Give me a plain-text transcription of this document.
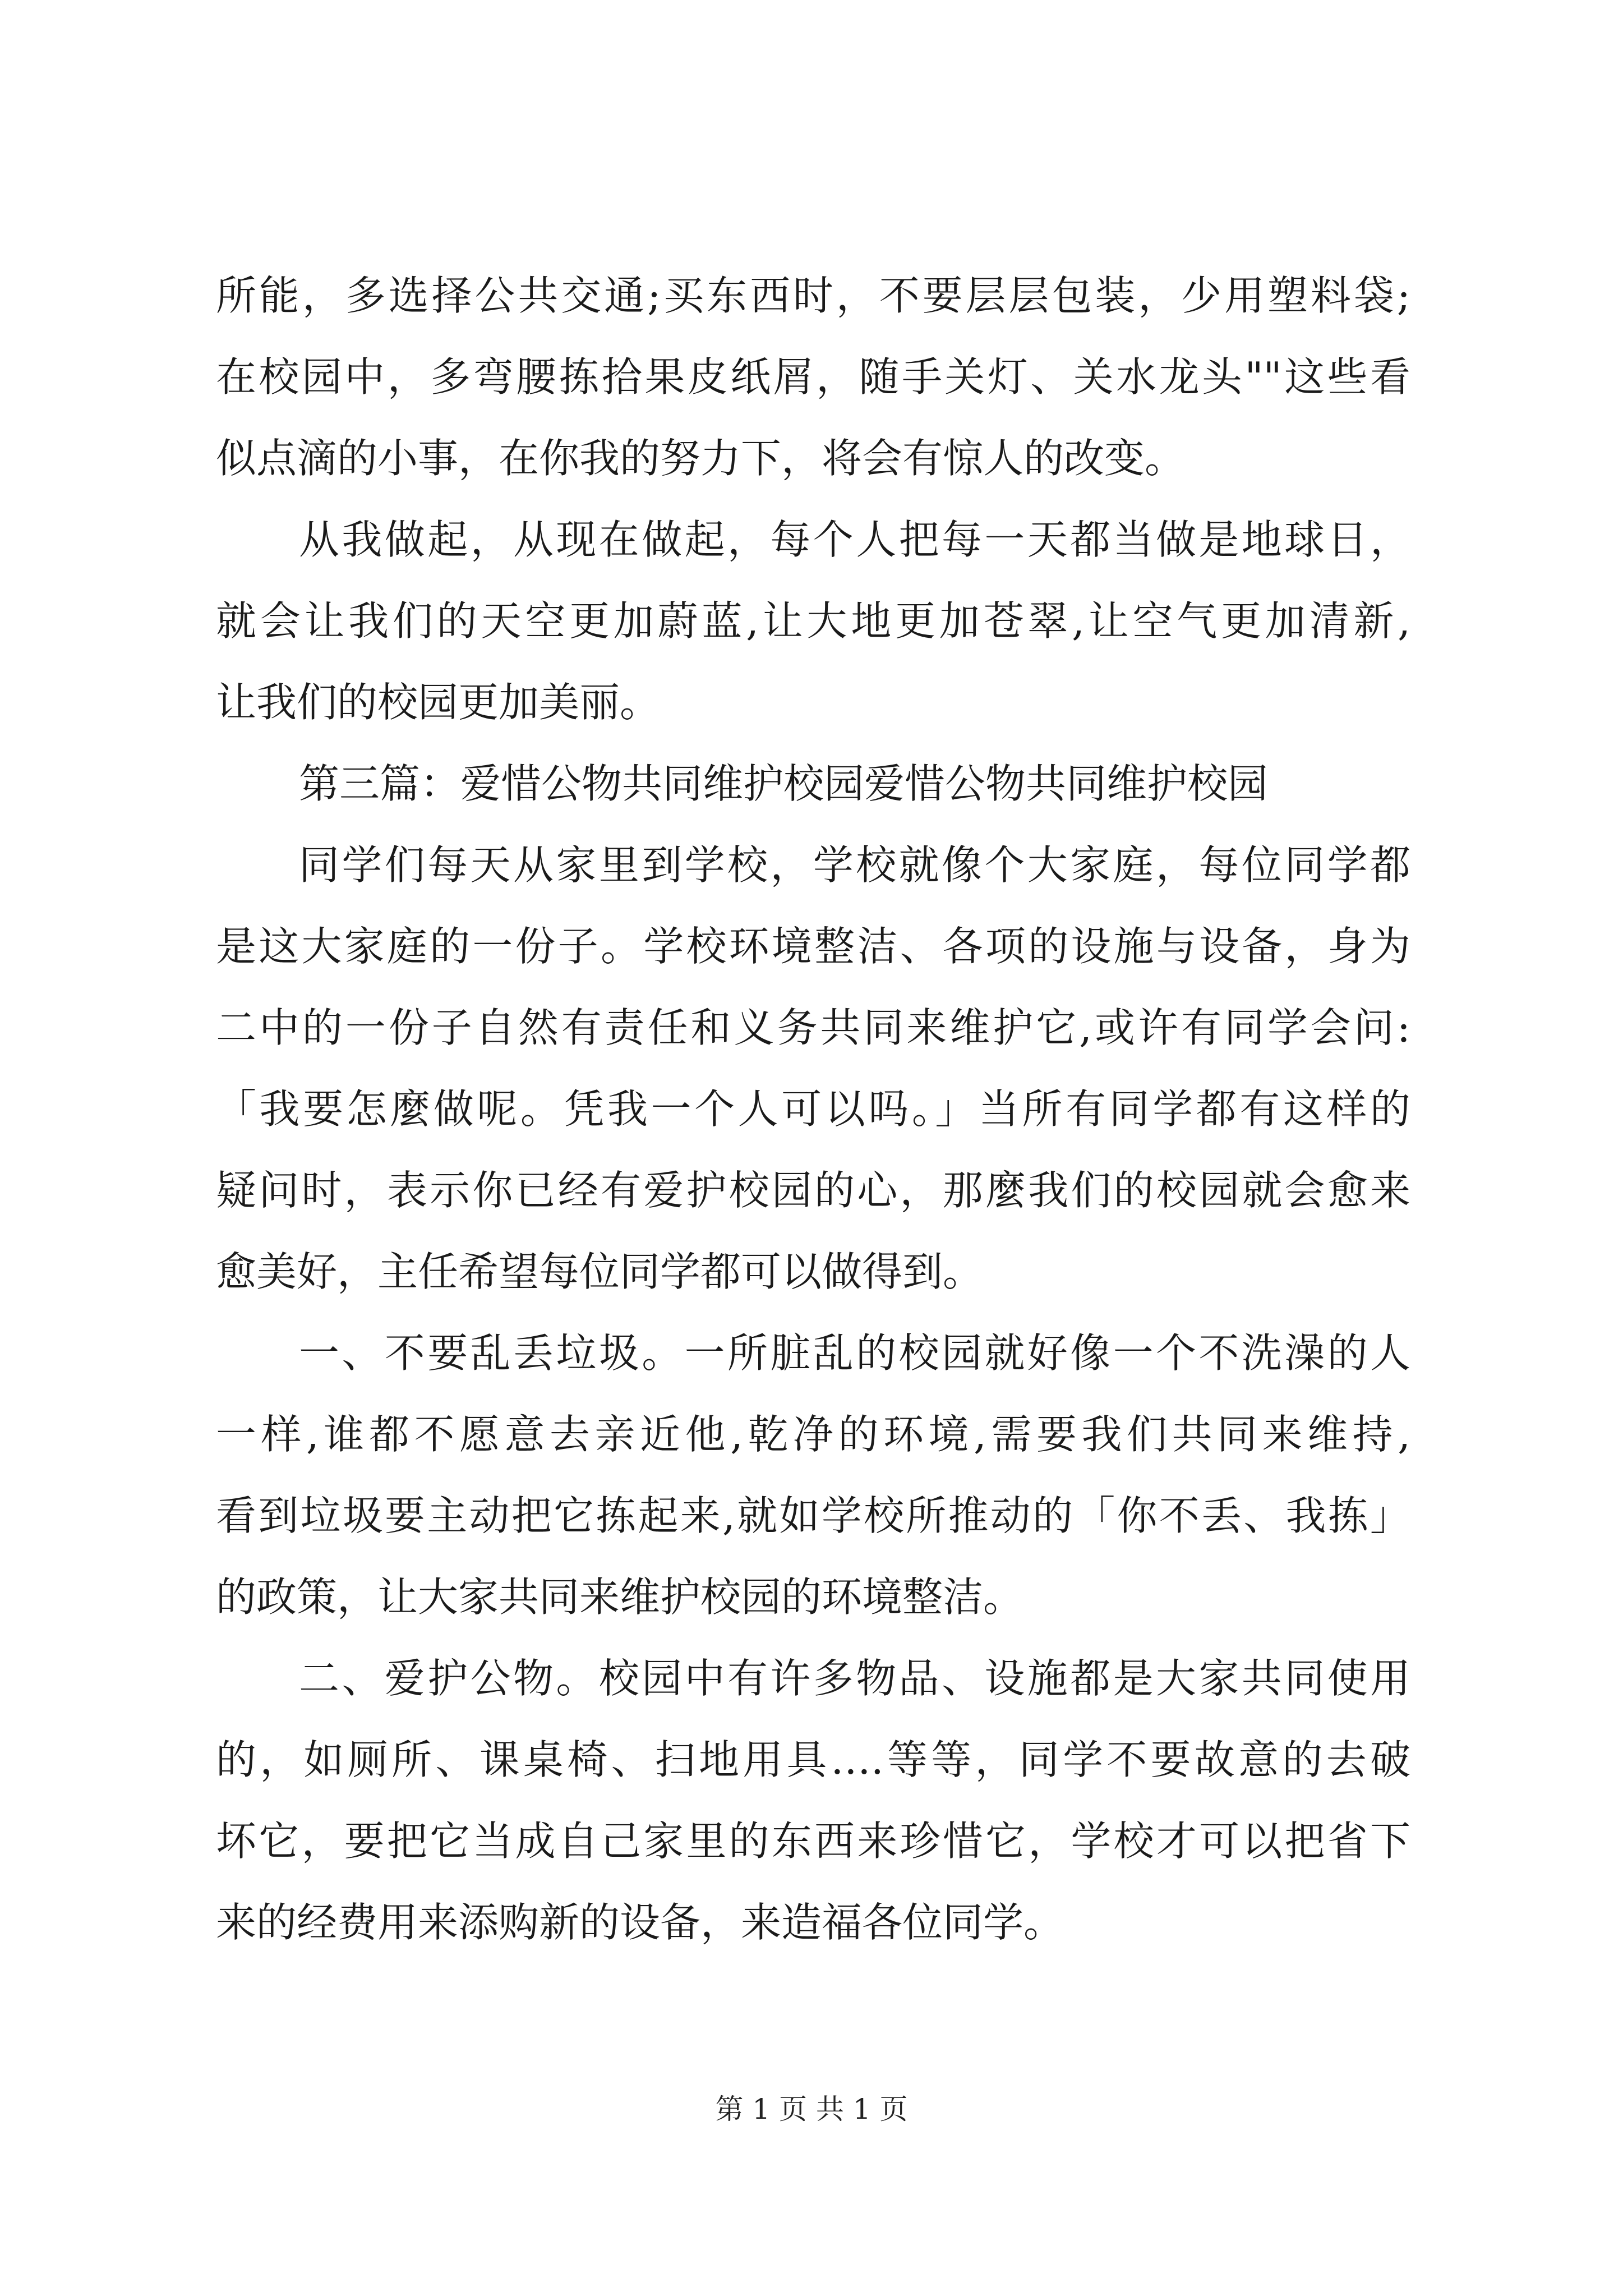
所能，多选择公共交通;买东西时，不要层层包装，少用塑料袋;
在校园中，多弯腰拣拾果皮纸屑，随手关灯、关水龙头""这些看
似点滴的小事，在你我的努力下，将会有惊人的改变。
从我做起，从现在做起，每个人把每一天都当做是地球日，
就会让我们的天空更加蔚蓝,让大地更加苍翠,让空气更加清新,
让我们的校园更加美丽。
第三篇：爱惜公物共同维护校园爱惜公物共同维护校园
同学们每天从家里到学校，学校就像个大家庭，每位同学都
是这大家庭的一份子。学校环境整洁、各项的设施与设备，身为
二中的一份子自然有责任和义务共同来维护它,或许有同学会问:
「我要怎麼做呢。凭我一个人可以吗。」当所有同学都有这样的
疑问时，表示你已经有爱护校园的心，那麼我们的校园就会愈来
愈美好，主任希望每位同学都可以做得到。
一、不要乱丢垃圾。一所脏乱的校园就好像一个不洗澡的人
一样,谁都不愿意去亲近他,乾净的环境,需要我们共同来维持,
看到垃圾要主动把它拣起来,就如学校所推动的「你不丢、我拣」
的政策，让大家共同来维护校园的环境整洁。
二、爱护公物。校园中有许多物品、设施都是大家共同使用
的，如厕所、课桌椅、扫地用具….等等，同学不要故意的去破
坏它，要把它当成自己家里的东西来珍惜它，学校才可以把省下
来的经费用来添购新的设备，来造福各位同学。
第 1 页 共 1 页
